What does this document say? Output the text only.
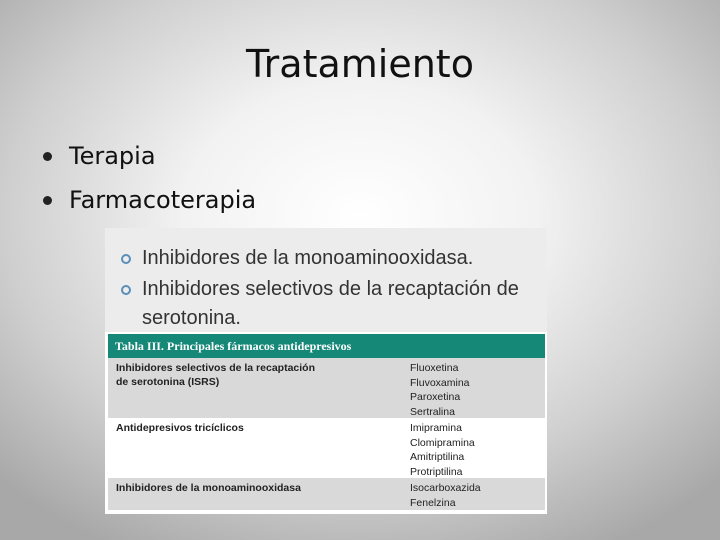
Tratamiento
Terapia
Farmacoterapia
Inhibidores de la monoaminooxidasa.
Inhibidores selectivos de la recaptación de serotonina.
Tabla III. Principales fármacos antidepresivos
Inhibidores selectivos de la recaptación
de serotonina (ISRS)
Fluoxetina
Fluvoxamina
Paroxetina
Sertralina
Antidepresivos tricíclicos	Imipramina
Clomipramina
Amitriptilina
Protriptilina
Inhibidores de la monoaminooxidasa	Isocarboxazida
Fenelzina
